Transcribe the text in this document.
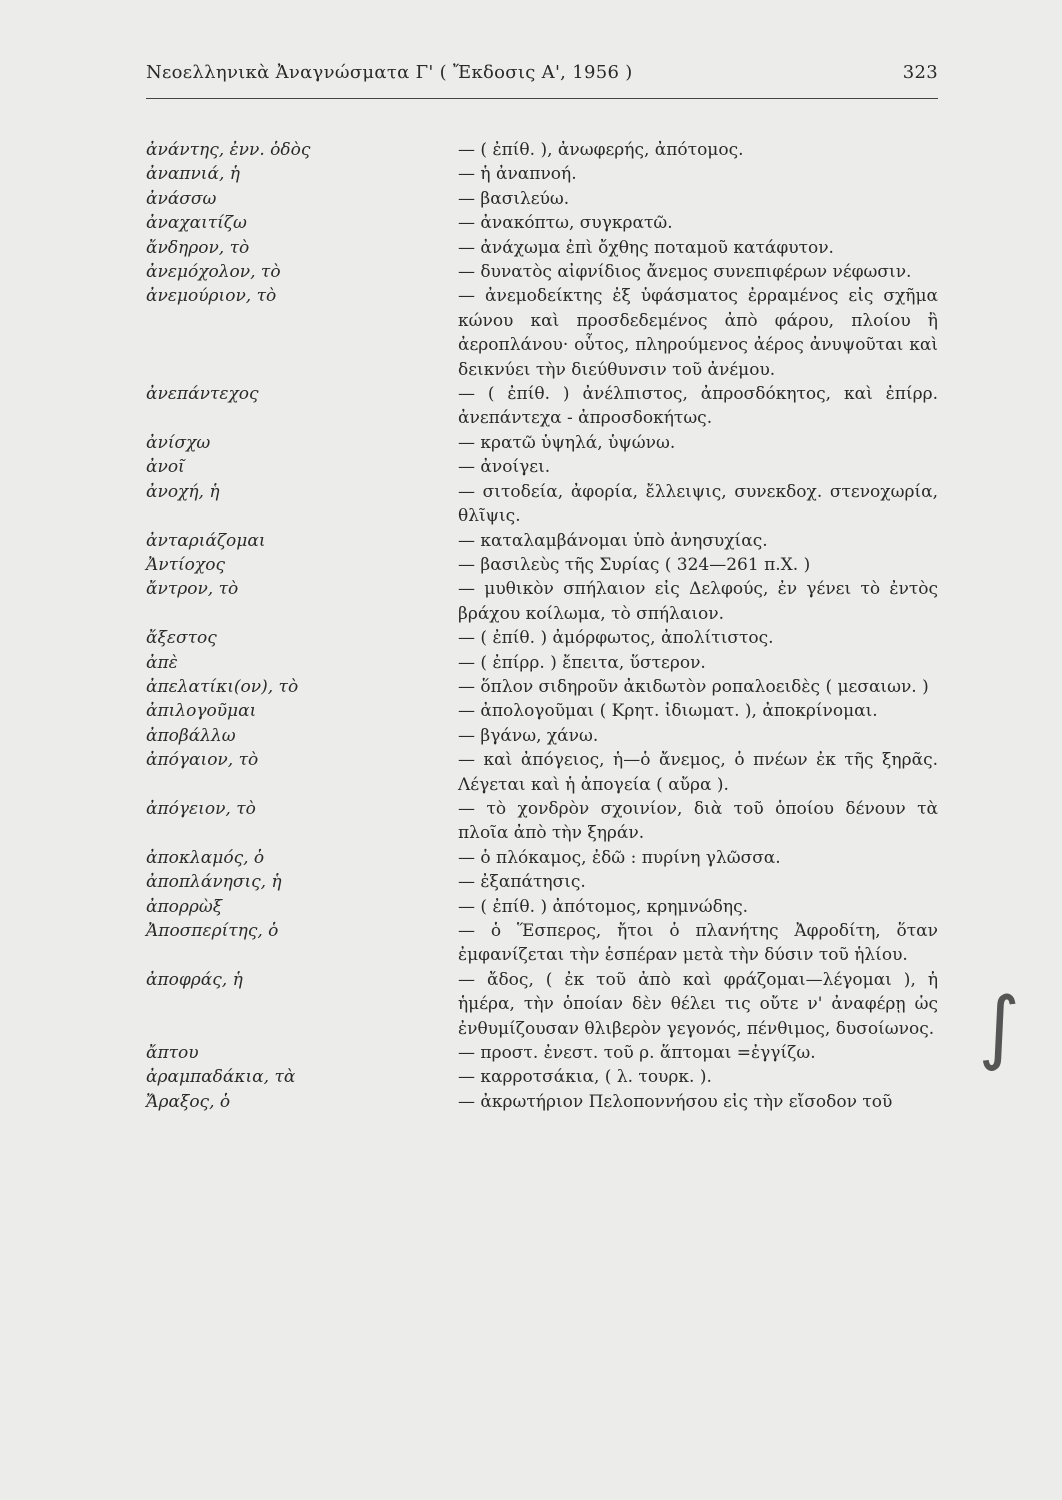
Νεοελληνικὰ Ἀναγνώσματα Γ' ( Ἔκδοσις Α', 1956 )	323
ἀνάντης, ἐνν. ὁδὸς —	( ἐπίθ. ), ἀνωφερής, ἀπότομος.
ἀναπνιά, ἡ —	ἡ ἀναπνοή.
ἀνάσσω —	βασιλεύω.
ἀναχαιτίζω —	ἀνακόπτω, συγκρατῶ.
ἄνδηρον, τὸ —	ἀνάχωμα ἐπὶ ὄχθης ποταμοῦ κατάφυτον.
ἀνεμόχολον, τὸ —	δυνατὸς αἰφνίδιος ἄνεμος συνεπιφέρων νέφωσιν.
ἀνεμούριον, τὸ —	ἀνεμοδείκτης ἐξ ὑφάσματος ἐρραμένος εἰς σχῆμα κώνου καὶ προσδεδεμένος ἀπὸ φάρου, πλοίου ἢ ἀεροπλάνου· οὗτος, πληρούμενος ἀέρος ἀνυψοῦται καὶ δεικνύει τὴν διεύθυνσιν τοῦ ἀνέμου.
ἀνεπάντεχος —	( ἐπίθ. ) ἀνέλπιστος, ἀπροσδόκητος, καὶ ἐπίρρ. ἀνεπάντεχα - ἀπροσδοκήτως.
ἀνίσχω —	κρατῶ ὑψηλά, ὑψώνω.
ἀνοῖ —	ἀνοίγει.
ἀνοχή, ἡ —	σιτοδεία, ἀφορία, ἔλλειψις, συνεκδοχ. στενοχωρία, θλῖψις.
ἀνταριάζομαι —	καταλαμβάνομαι ὑπὸ ἀνησυχίας.
Ἀντίοχος —	βασιλεὺς τῆς Συρίας ( 324—261 π.Χ. )
ἄντρον, τὸ —	μυθικὸν σπήλαιον εἰς Δελφούς, ἐν γένει τὸ ἐντὸς βράχου κοίλωμα, τὸ σπήλαιον.
ἄξεστος —	( ἐπίθ. ) ἀμόρφωτος, ἀπολίτιστος.
ἀπὲ —	( ἐπίρρ. ) ἔπειτα, ὕστερον.
ἀπελατίκι(ον), τὸ —	ὅπλον σιδηροῦν ἀκιδωτὸν ροπαλοειδὲς ( μεσαιων. )
ἀπιλογοῦμαι —	ἀπολογοῦμαι ( Κρητ. ἰδιωματ. ), ἀποκρίνομαι.
ἀποβάλλω —	βγάνω, χάνω.
ἀπόγαιον, τὸ —	καὶ ἀπόγειος, ἡ—ὁ ἄνεμος, ὁ πνέων ἐκ τῆς ξηρᾶς. Λέγεται καὶ ἡ ἀπογεία ( αὔρα ).
ἀπόγειον, τὸ —	τὸ χονδρὸν σχοινίον, διὰ τοῦ ὁποίου δένουν τὰ πλοῖα ἀπὸ τὴν ξηράν.
ἀποκλαμός, ὁ —	ὁ πλόκαμος, ἐδῶ : πυρίνη γλῶσσα.
ἀποπλάνησις, ἡ —	ἐξαπάτησις.
ἀπορρὼξ —	( ἐπίθ. ) ἀπότομος, κρημνώδης.
Ἀποσπερίτης, ὁ —	ὁ Ἕσπερος, ἤτοι ὁ πλανήτης Ἀφροδίτη, ὅταν ἐμφανίζεται τὴν ἑσπέραν μετὰ τὴν δύσιν τοῦ ἡλίου.
ἀποφράς, ἡ —	ἄδος, ( ἐκ τοῦ ἀπὸ καὶ φράζομαι—λέγομαι ), ἡ ἡμέρα, τὴν ὁποίαν δὲν θέλει τις οὔτε ν' ἀναφέρῃ ὡς ἐνθυμίζουσαν θλιβερὸν γεγονός, πένθιμος, δυσοίωνος.
ἄπτου —	προστ. ἐνεστ. τοῦ ρ. ἅπτομαι =ἐγγίζω.
ἀραμπαδάκια, τὰ —	καρροτσάκια, ( λ. τουρκ. ).
Ἄραξος, ὁ —	ἀκρωτήριον Πελοποννήσου εἰς τὴν εἴσοδον τοῦ
∫
